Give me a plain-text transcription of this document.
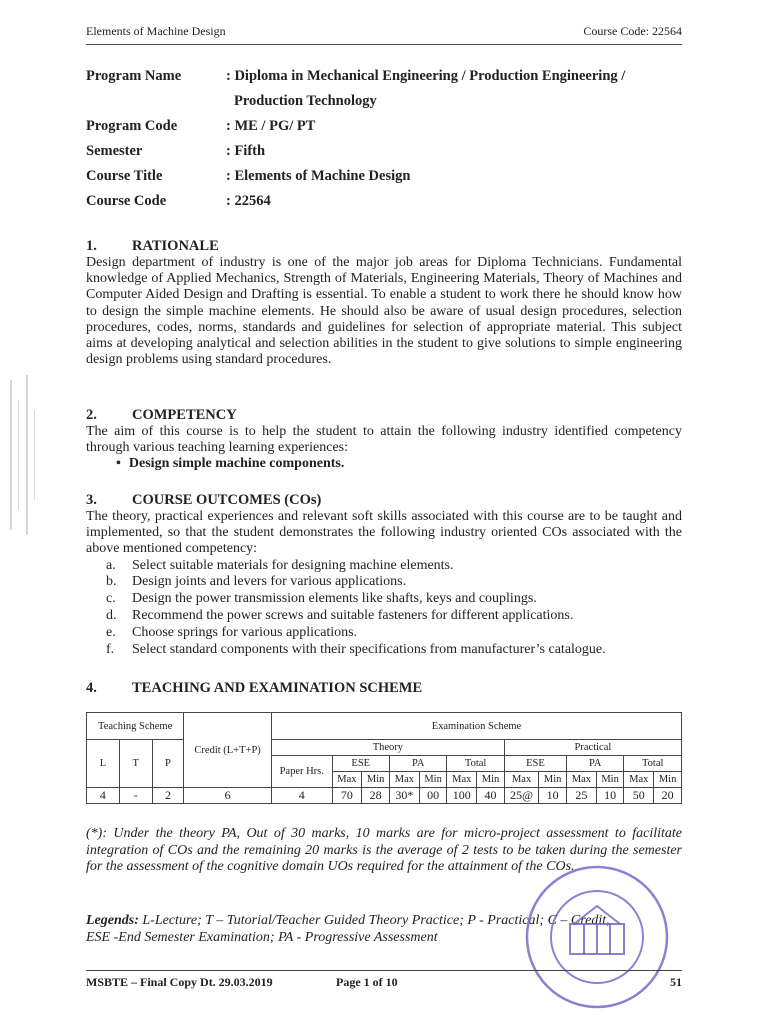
Elements of Machine Design	Course Code: 22564
Program Name	: Diploma in Mechanical Engineering / Production Engineering /
Production Technology
Program Code	: ME / PG/ PT
Semester	: Fifth
Course Title	: Elements of Machine Design
Course Code	: 22564
1.	RATIONALE
Design department of industry is one of the major job areas for Diploma Technicians. Fundamental knowledge of Applied Mechanics, Strength of Materials, Engineering Materials, Theory of Machines and Computer Aided Design and Drafting is essential. To enable a student to work there he should know how to design the simple machine elements. He should also be aware of usual design procedures, selection procedures, codes, norms, standards and guidelines for selection of appropriate material. This subject aims at developing analytical and selection abilities in the student to give solutions to simple engineering design problems using standard procedures.
2.	COMPETENCY
The aim of this course is to help the student to attain the following industry identified competency through various teaching learning experiences:
• Design simple machine components.
3.	COURSE OUTCOMES (COs)
The theory, practical experiences and relevant soft skills associated with this course are to be taught and implemented, so that the student demonstrates the following industry oriented COs associated with the above mentioned competency:
a.	Select suitable materials for designing machine elements.
b.	Design joints and levers for various applications.
c.	Design the power transmission elements like shafts, keys and couplings.
d.	Recommend the power screws and suitable fasteners for different applications.
e.	Choose springs for various applications.
f.	Select standard components with their specifications from manufacturer’s catalogue.
4.	TEACHING AND EXAMINATION SCHEME
Teaching Scheme			Credit (L+T+P)	Examination Scheme												
L	T	P		Theory							Practical					
				Paper Hrs.	ESE		PA		Total		ESE		PA		Total	
					Max	Min	Max	Min	Max	Min	Max	Min	Max	Min	Max	Min
4	-	2	6	4	70	28	30*	00	100	40	25@	10	25	10	50	20
(*): Under the theory PA, Out of 30 marks, 10 marks are for micro-project assessment to facilitate integration of COs and the remaining 20 marks is the average of 2 tests to be taken during the semester for the assessment of the cognitive domain UOs required for the attainment of the COs.
Legends: L-Lecture; T – Tutorial/Teacher Guided Theory Practice; P - Practical; C – Credit,
ESE -End Semester Examination; PA - Progressive Assessment
MSBTE – Final Copy Dt. 29.03.2019	Page 1 of 10	51
